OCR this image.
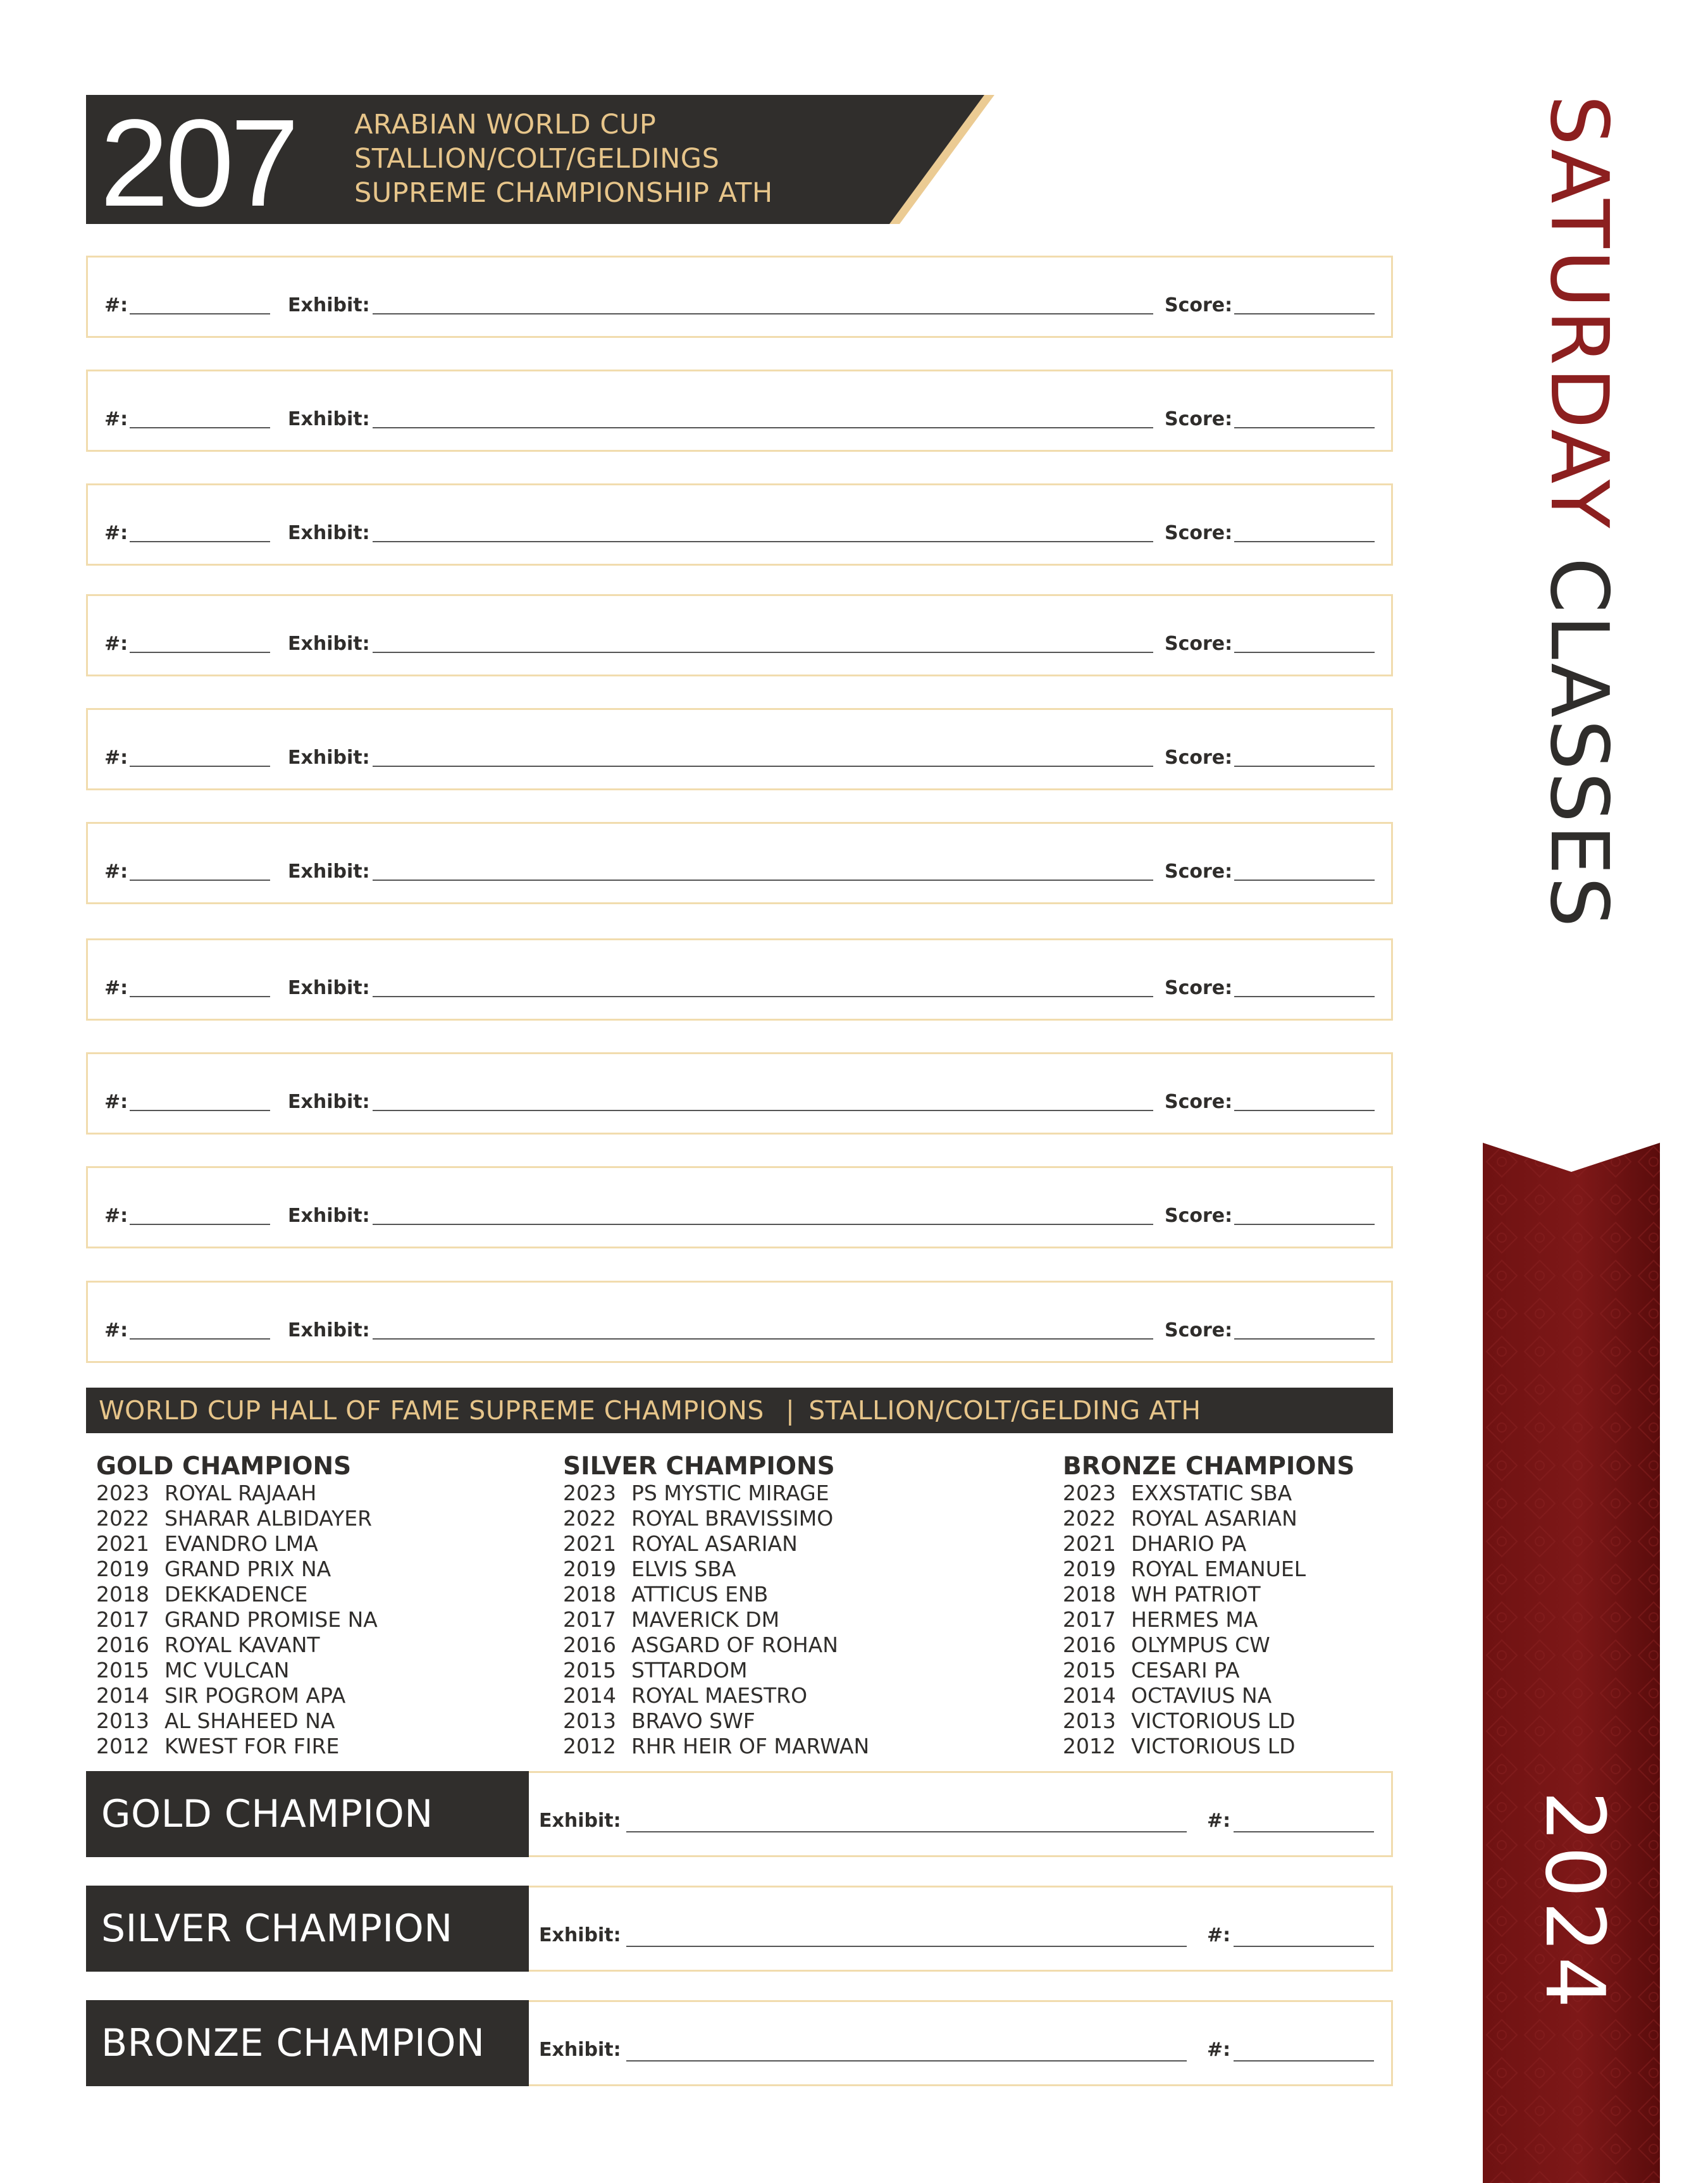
207 ARABIAN WORLD CUP
STALLION/COLT/GELDINGS
SUPREME CHAMPIONSHIP ATH
#:	Exhibit:	Score:
#:	Exhibit:	Score:
#:	Exhibit:	Score:
#:	Exhibit:	Score:
#:	Exhibit:	Score:
#:	Exhibit:	Score:
#:	Exhibit:	Score:
#:	Exhibit:	Score:
#:	Exhibit:	Score:
#:	Exhibit:	Score:
WORLD CUP HALL OF FAME SUPREME CHAMPIONS | STALLION/COLT/GELDING ATH
GOLD CHAMPIONS
2023 ROYAL RAJAAH
2022 SHARAR ALBIDAYER
2021 EVANDRO LMA
2019 GRAND PRIX NA
2018 DEKKADENCE
2017 GRAND PROMISE NA
2016 ROYAL KAVANT
2015 MC VULCAN
2014 SIR POGROM APA
2013 AL SHAHEED NA
2012 KWEST FOR FIRE
SILVER CHAMPIONS
2023 PS MYSTIC MIRAGE
2022 ROYAL BRAVISSIMO
2021 ROYAL ASARIAN
2019 ELVIS SBA
2018 ATTICUS ENB
2017 MAVERICK DM
2016 ASGARD OF ROHAN
2015 STTARDOM
2014 ROYAL MAESTRO
2013 BRAVO SWF
2012 RHR HEIR OF MARWAN
BRONZE CHAMPIONS
2023 EXXSTATIC SBA
2022 ROYAL ASARIAN
2021 DHARIO PA
2019 ROYAL EMANUEL
2018 WH PATRIOT
2017 HERMES MA
2016 OLYMPUS CW
2015 CESARI PA
2014 OCTAVIUS NA
2013 VICTORIOUS LD
2012 VICTORIOUS LD
GOLD CHAMPION	Exhibit:	#:
SILVER CHAMPION	Exhibit:	#:
BRONZE CHAMPION	Exhibit:	#:
SATURDAY CLASSES
2024
